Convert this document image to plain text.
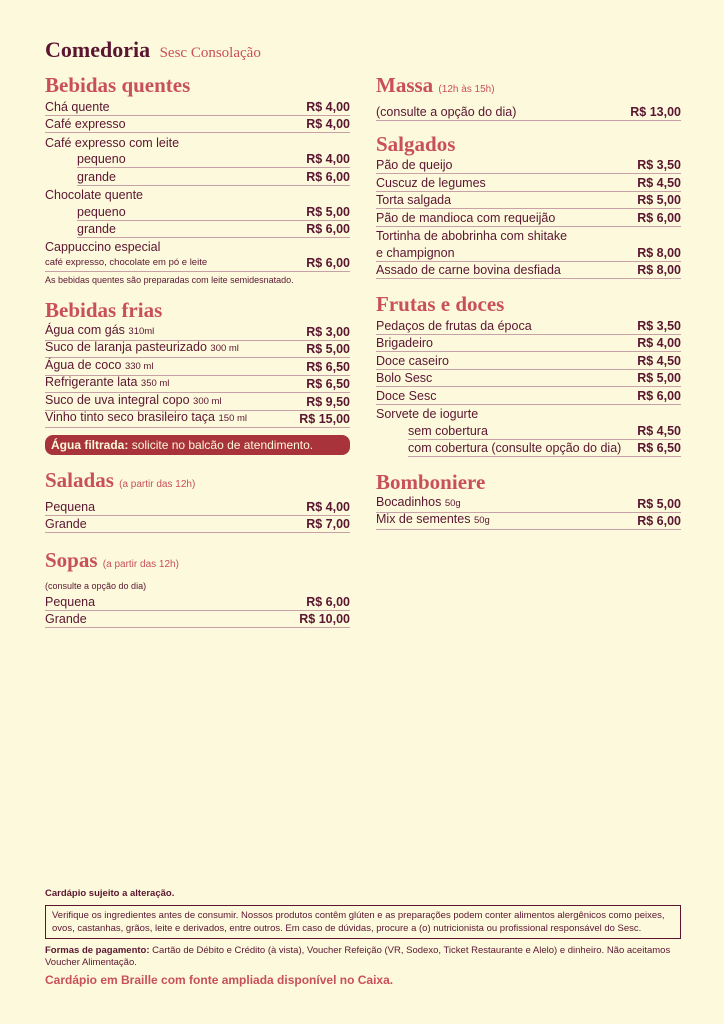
Comedoria Sesc Consolação
Bebidas quentes
Chá quente	R$ 4,00
Café expresso	R$ 4,00
Café expresso com leite
pequeno	R$ 4,00
grande	R$ 6,00
Chocolate quente
pequeno	R$ 5,00
grande	R$ 6,00
Cappuccino especial
café expresso, chocolate em pó e leite	R$ 6,00
As bebidas quentes são preparadas com leite semidesnatado.
Bebidas frias
Água com gás 310ml	R$ 3,00
Suco de laranja pasteurizado 300 ml	R$ 5,00
Água de coco 330 ml	R$ 6,50
Refrigerante lata 350 ml	R$ 6,50
Suco de uva integral copo 300 ml	R$ 9,50
Vinho tinto seco brasileiro taça 150 ml	R$ 15,00
Água filtrada: solicite no balcão de atendimento.
Saladas (a partir das 12h)
Pequena	R$ 4,00
Grande	R$ 7,00
Sopas (a partir das 12h)
(consulte a opção do dia)
Pequena	R$ 6,00
Grande	R$ 10,00
Massa (12h às 15h)
(consulte a opção do dia)	R$ 13,00
Salgados
Pão de queijo	R$ 3,50
Cuscuz de legumes	R$ 4,50
Torta salgada	R$ 5,00
Pão de mandioca com requeijão	R$ 6,00
Tortinha de abobrinha com shitake
e champignon	R$ 8,00
Assado de carne bovina desfiada	R$ 8,00
Frutas e doces
Pedaços de frutas da época	R$ 3,50
Brigadeiro	R$ 4,00
Doce caseiro	R$ 4,50
Bolo Sesc	R$ 5,00
Doce Sesc	R$ 6,00
Sorvete de iogurte
sem cobertura	R$ 4,50
com cobertura (consulte opção do dia) R$ 6,50
Bomboniere
Bocadinhos 50g	R$ 5,00
Mix de sementes 50g	R$ 6,00
Cardápio sujeito a alteração.
Verifique os ingredientes antes de consumir. Nossos produtos contêm glúten e as preparações podem conter alimentos alergênicos como peixes, ovos, castanhas, grãos, leite e derivados, entre outros. Em caso de dúvidas, procure a (o) nutricionista ou profissional responsável do Sesc.
Formas de pagamento: Cartão de Débito e Crédito (à vista), Voucher Refeição (VR, Sodexo, Ticket Restaurante e Alelo) e dinheiro. Não aceitamos Voucher Alimentação.
Cardápio em Braille com fonte ampliada disponível no Caixa.
